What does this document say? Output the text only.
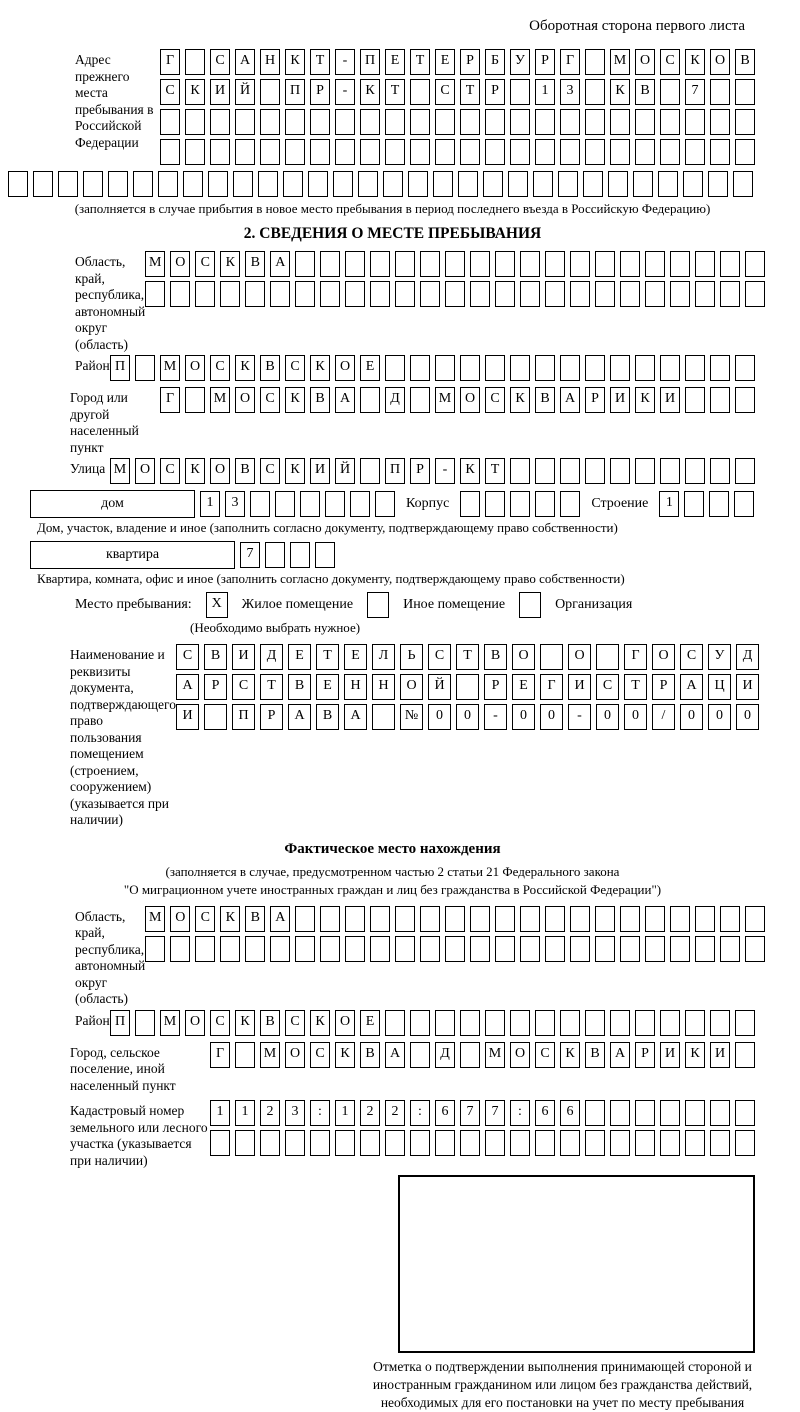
Оборотная сторона первого листа
Адрес прежнего места пребывания в Российской Федерации
Г	С	А	Н	К	Т	-	П	Е	Т	Е	Р	Б	У	Р	Г	М О	С	К	О	В
С	К	И	Й	П	Р	-	К	Т	С	Т	Р	1	3	К	В	7
(заполняется в случае прибытия в новое место пребывания в период последнего въезда в Российскую Федерацию)
2. СВЕДЕНИЯ О МЕСТЕ ПРЕБЫВАНИЯ
Область, край, республика, автономный округ (область)
М О	С	К	В	А
Район П	М О	С	К	В	С	К	О	Е
Город или другой населенный пункт
Г	М О	С	К	В	А	Д	М О	С	К	В	А	Р	И	К	И
Улица М О	С	К	О	В	С	К	И	Й	П	Р	-	К	Т
дом	1	3	Корпус	Строение	1
Дом, участок, владение и иное (заполнить согласно документу, подтверждающему право собственности)
квартира	7
Квартира, комната, офис и иное (заполнить согласно документу, подтверждающему право собственности)
Место пребывания:	X	Жилое помещение	Иное помещение	Организация
(Необходимо выбрать нужное)
Наименование и реквизиты документа, подтверждающего право пользования помещением (строением, сооружением) (указывается при наличии)
С	В	И	Д	Е	Т	Е	Л	Ь	С	Т	В	О	О	Г	О	С	У	Д
А	Р	С	Т	В	Е	Н	Н	О	Й	Р	Е	Г	И	С	Т	Р	А	Ц	И
И	П	Р	А	В	А	№	0	0	-	0	0	-	0	0	/	0	0	0
Фактическое место нахождения
(заполняется в случае, предусмотренном частью 2 статьи 21 Федерального закона
"О миграционном учете иностранных граждан и лиц без гражданства в Российской Федерации")
Область, край, республика, автономный округ (область)
М О	С	К	В	А
Район П	М О	С	К	В	С	К	О	Е
Город, сельское поселение, иной населенный пункт
Г	М О	С	К	В	А	Д	М О	С	К	В	А	Р	И	К	И
Кадастровый номер земельного или лесного участка (указывается при наличии)
1	1	2	3	:	1	2	2	:	6	7	7	:	6	6
Отметка о подтверждении выполнения принимающей стороной и иностранным гражданином или лицом без гражданства действий, необходимых для его постановки на учет по месту пребывания
